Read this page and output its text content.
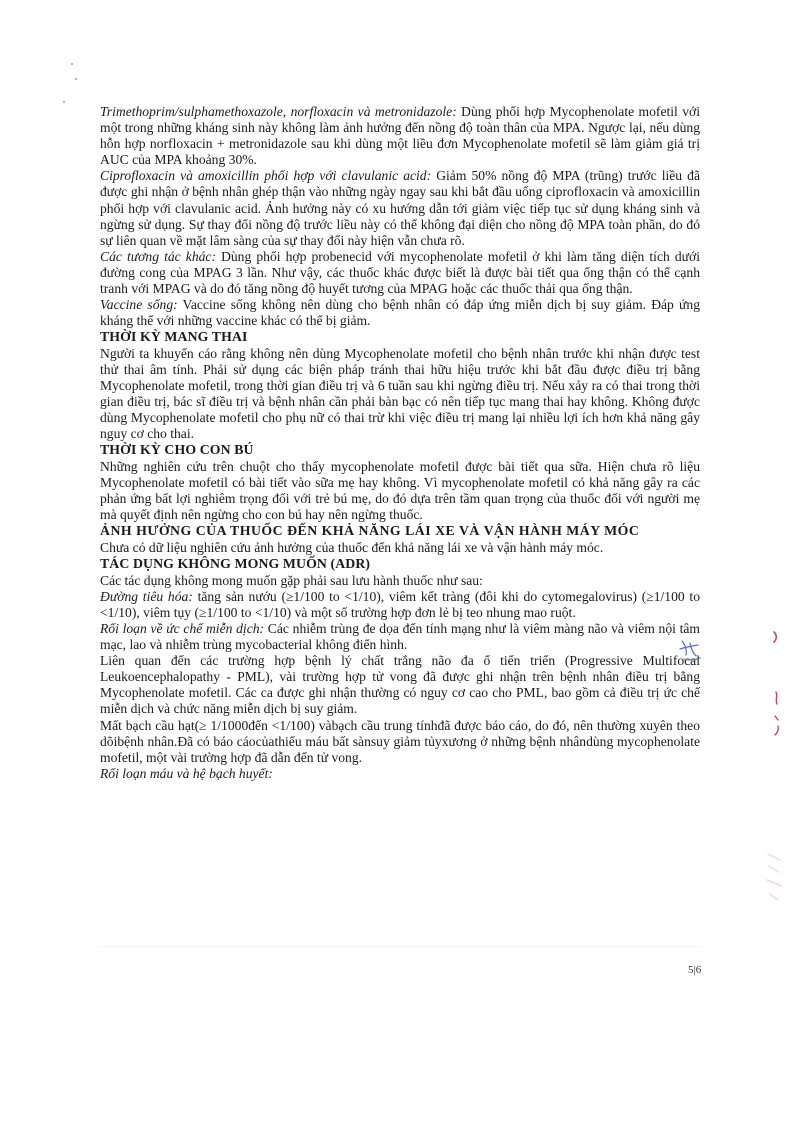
Trimethoprim/sulphamethoxazole, norfloxacin và metronidazole: Dùng phối hợp Mycophenolate mofetil với một trong những kháng sinh này không làm ảnh hưởng đến nồng độ toàn thân của MPA. Ngược lại, nếu dùng hỗn hợp norfloxacin + metronidazole sau khi dùng một liều đơn Mycophenolate mofetil sẽ làm giảm giá trị AUC của MPA khoảng 30%.

Ciprofloxacin và amoxicillin phối hợp với clavulanic acid: Giảm 50% nồng độ MPA (trũng) trước liều đã được ghi nhận ở bệnh nhân ghép thận vào những ngày ngay sau khi bắt đầu uống ciprofloxacin và amoxicillin phối hợp với clavulanic acid. Ảnh hưởng này có xu hướng dẫn tới giảm việc tiếp tục sử dụng kháng sinh và ngừng sử dụng. Sự thay đổi nồng độ trước liều này có thể không đại diện cho nồng độ MPA toàn phần, do đó sự liên quan về mặt lâm sàng của sự thay đổi này hiện vẫn chưa rõ.

Các tương tác khác: Dùng phối hợp probenecid với mycophenolate mofetil ở khi làm tăng diện tích dưới đường cong của MPAG 3 lần. Như vậy, các thuốc khác được biết là được bài tiết qua ống thận có thể cạnh tranh với MPAG và do đó tăng nồng độ huyết tương của MPAG hoặc các thuốc thải qua ống thận.

Vaccine sống: Vaccine sống không nên dùng cho bệnh nhân có đáp ứng miễn dịch bị suy giảm. Đáp ứng kháng thể với những vaccine khác có thể bị giảm.

THỜI KỲ MANG THAI

Người ta khuyến cáo rằng không nên dùng Mycophenolate mofetil cho bệnh nhân trước khi nhận được test thử thai âm tính. Phải sử dụng các biện pháp tránh thai hữu hiệu trước khi bắt đầu được điều trị bằng Mycophenolate mofetil, trong thời gian điều trị và 6 tuần sau khi ngừng điều trị. Nếu xảy ra có thai trong thời gian điều trị, bác sĩ điều trị và bệnh nhân cần phải bàn bạc có nên tiếp tục mang thai hay không. Không được dùng Mycophenolate mofetil cho phụ nữ có thai trừ khi việc điều trị mang lại nhiều lợi ích hơn khả năng gây nguy cơ cho thai.

THỜI KỲ CHO CON BÚ

Những nghiên cứu trên chuột cho thấy mycophenolate mofetil được bài tiết qua sữa. Hiện chưa rõ liệu Mycophenolate mofetil có bài tiết vào sữa mẹ hay không. Vì mycophenolate mofetil có khả năng gây ra các phản ứng bất lợi nghiêm trọng đối với trẻ bú mẹ, do đó dựa trên tầm quan trọng của thuốc đối với người mẹ mà quyết định nên ngừng cho con bú hay nên ngừng thuốc.

ẢNH HƯỞNG CỦA THUỐC ĐẾN KHẢ NĂNG LÁI XE VÀ VẬN HÀNH MÁY MÓC

Chưa có dữ liệu nghiên cứu ảnh hưởng của thuốc đến khả năng lái xe và vận hành máy móc.

TÁC DỤNG KHÔNG MONG MUỐN (ADR)

Các tác dụng không mong muốn gặp phải sau lưu hành thuốc như sau:

Đường tiêu hóa: tăng sản nướu (≥1/100 to <1/10), viêm kết tràng (đôi khi do cytomegalovirus) (≥1/100 to <1/10), viêm tụy (≥1/100 to <1/10) và một số trường hợp đơn lẻ bị teo nhung mao ruột.

Rối loạn về ức chế miễn dịch: Các nhiễm trùng đe dọa đến tính mạng như là viêm màng não và viêm nội tâm mạc, lao và nhiễm trùng mycobacterial không điển hình.

Liên quan đến các trường hợp bệnh lý chất trắng não đa ổ tiến triển (Progressive Multifocal Leukoencephalopathy - PML), vài trường hợp tử vong đã được ghi nhận trên bệnh nhân điều trị bằng Mycophenolate mofetil. Các ca được ghi nhận thường có nguy cơ cao cho PML, bao gồm cả điều trị ức chế miễn dịch và chức năng miễn dịch bị suy giảm.

Mất bạch cầu hạt(≥ 1/1000đến <1/100) vàbạch cầu trung tínhđã được báo cáo, do đó, nên thường xuyên theo dõibệnh nhân.Đã có báo cáocủathiếu máu bất sànsuy giảm tủyxương ở những bệnh nhândùng mycophenolate mofetil, một vài trường hợp đã dẫn đến tử vong.

Rối loạn máu và hệ bạch huyết:

5|6
